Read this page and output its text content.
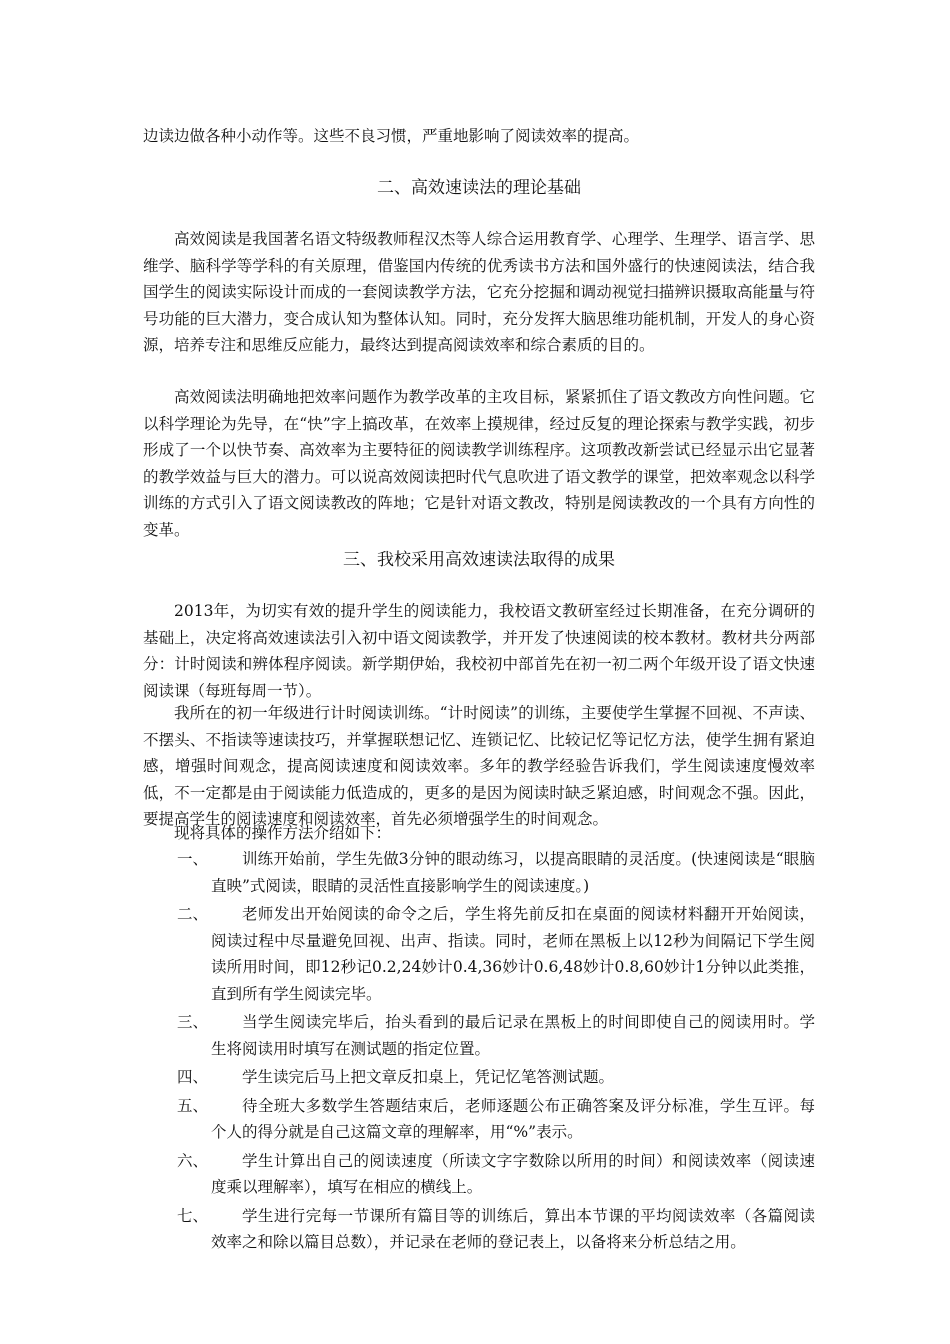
边读边做各种小动作等。这些不良习惯，严重地影响了阅读效率的提高。
二、高效速读法的理论基础

高效阅读是我国著名语文特级教师程汉杰等人综合运用教育学、心理学、生理学、语言学、思维学、脑科学等学科的有关原理，借鉴国内传统的优秀读书方法和国外盛行的快速阅读法，结合我国学生的阅读实际设计而成的一套阅读教学方法，它充分挖掘和调动视觉扫描辨识摄取高能量与符号功能的巨大潜力，变合成认知为整体认知。同时，充分发挥大脑思维功能机制，开发人的身心资源，培养专注和思维反应能力，最终达到提高阅读效率和综合素质的目的。

高效阅读法明确地把效率问题作为教学改革的主攻目标，紧紧抓住了语文教改方向性问题。它以科学理论为先导，在“快”字上搞改革，在效率上摸规律，经过反复的理论探索与教学实践，初步形成了一个以快节奏、高效率为主要特征的阅读教学训练程序。这项教改新尝试已经显示出它显著的教学效益与巨大的潜力。可以说高效阅读把时代气息吹进了语文教学的课堂，把效率观念以科学训练的方式引入了语文阅读教改的阵地；它是针对语文教改，特别是阅读教改的一个具有方向性的变革。

三、我校采用高效速读法取得的成果

2013年，为切实有效的提升学生的阅读能力，我校语文教研室经过长期准备，在充分调研的基础上，决定将高效速读法引入初中语文阅读教学，并开发了快速阅读的校本教材。教材共分两部分：计时阅读和辨体程序阅读。新学期伊始，我校初中部首先在初一初二两个年级开设了语文快速阅读课（每班每周一节）。

我所在的初一年级进行计时阅读训练。“计时阅读”的训练，主要使学生掌握不回视、不声读、不摆头、不指读等速读技巧，并掌握联想记忆、连锁记忆、比较记忆等记忆方法，使学生拥有紧迫感，增强时间观念，提高阅读速度和阅读效率。多年的教学经验告诉我们，学生阅读速度慢效率低，不一定都是由于阅读能力低造成的，更多的是因为阅读时缺乏紧迫感，时间观念不强。因此，要提高学生的阅读速度和阅读效率，首先必须增强学生的时间观念。

现将具体的操作方法介绍如下：

一、	训练开始前，学生先做3分钟的眼动练习，以提高眼睛的灵活度。(快速阅读是“眼脑直映”式阅读，眼睛的灵活性直接影响学生的阅读速度。)
二、	老师发出开始阅读的命令之后，学生将先前反扣在桌面的阅读材料翻开开始阅读，阅读过程中尽量避免回视、出声、指读。同时，老师在黑板上以12秒为间隔记下学生阅读所用时间，即12秒记0.2,24妙计0.4,36妙计0.6,48妙计0.8,60妙计1分钟以此类推，直到所有学生阅读完毕。
三、	当学生阅读完毕后，抬头看到的最后记录在黑板上的时间即使自己的阅读用时。学生将阅读用时填写在测试题的指定位置。
四、	学生读完后马上把文章反扣桌上，凭记忆笔答测试题。
五、	待全班大多数学生答题结束后，老师逐题公布正确答案及评分标准，学生互评。每个人的得分就是自己这篇文章的理解率，用“%”表示。
六、	学生计算出自己的阅读速度（所读文字字数除以所用的时间）和阅读效率（阅读速度乘以理解率），填写在相应的横线上。
七、	学生进行完每一节课所有篇目等的训练后，算出本节课的平均阅读效率（各篇阅读效率之和除以篇目总数），并记录在老师的登记表上，以备将来分析总结之用。
